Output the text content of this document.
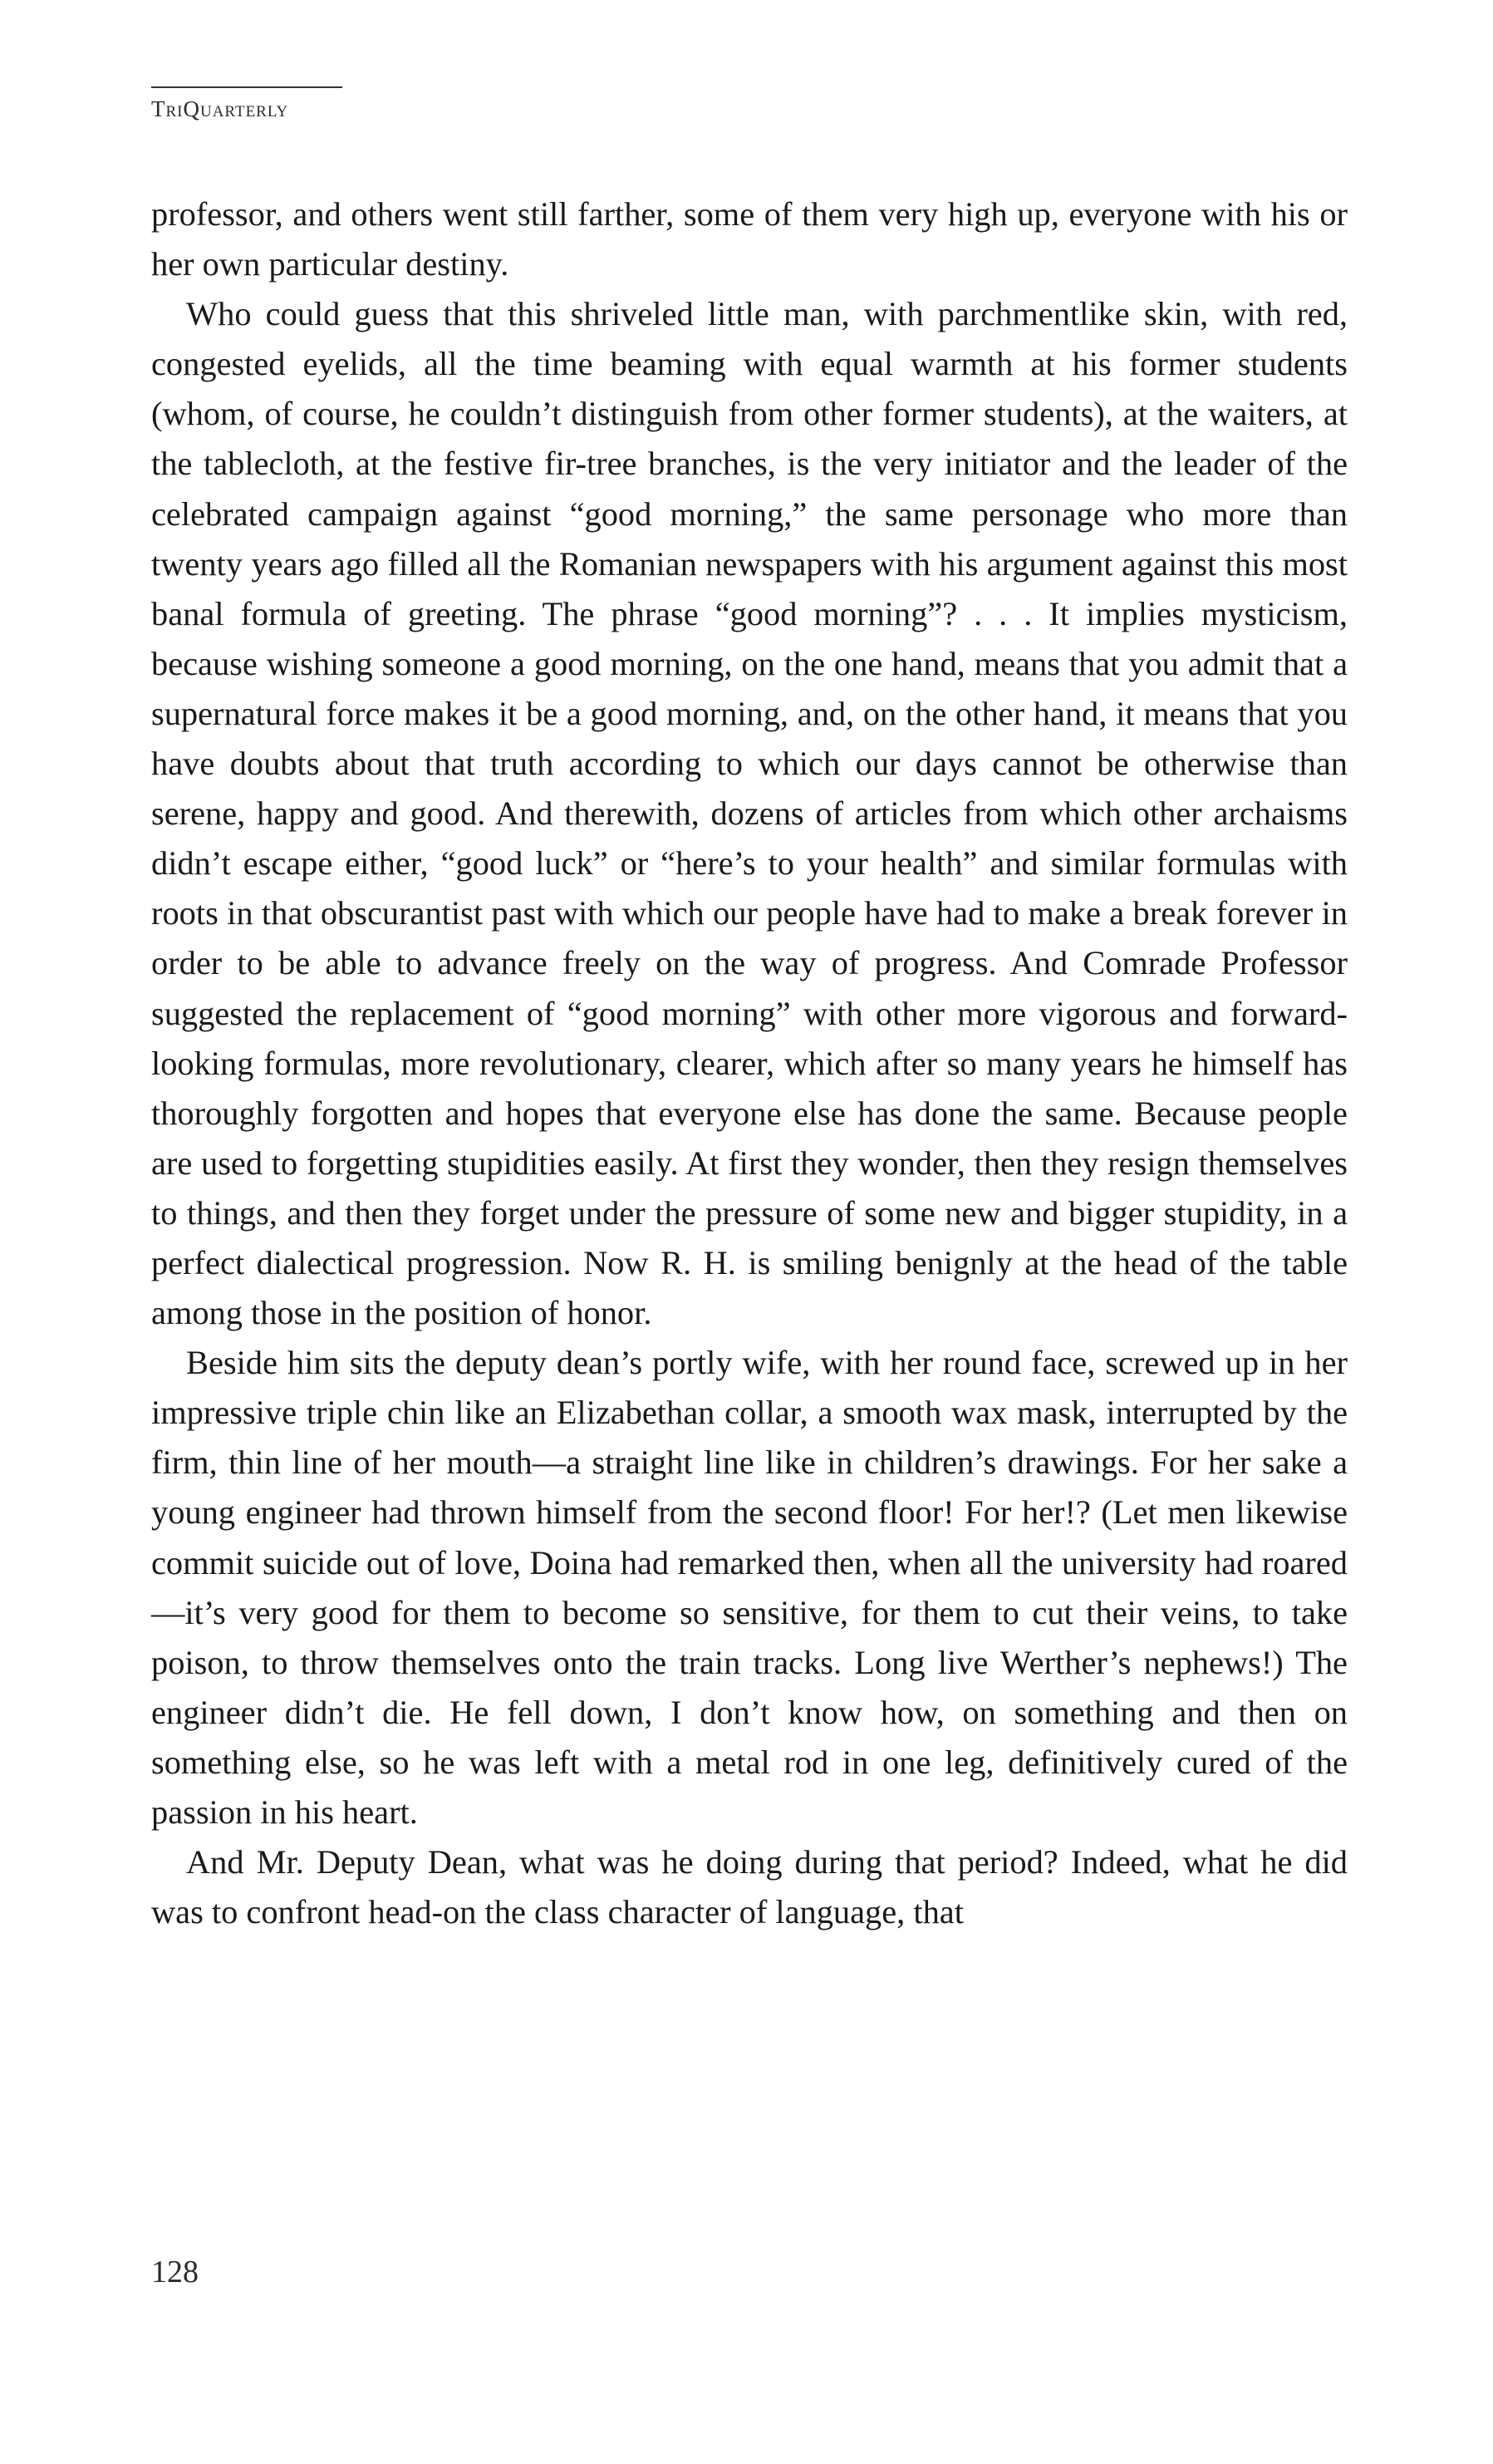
TriQuarterly

professor, and others went still farther, some of them very high up, everyone with his or her own particular destiny.

Who could guess that this shriveled little man, with parchmentlike skin, with red, congested eyelids, all the time beaming with equal warmth at his former students (whom, of course, he couldn’t distinguish from other former students), at the waiters, at the tablecloth, at the festive fir-tree branches, is the very initiator and the leader of the celebrated campaign against “good morning,” the same personage who more than twenty years ago filled all the Romanian newspapers with his argument against this most banal formula of greeting. The phrase “good morning”? . . . It implies mysticism, because wishing someone a good morning, on the one hand, means that you admit that a supernatural force makes it be a good morning, and, on the other hand, it means that you have doubts about that truth according to which our days cannot be otherwise than serene, happy and good. And therewith, dozens of articles from which other archaisms didn’t escape either, “good luck” or “here’s to your health” and similar formulas with roots in that obscurantist past with which our people have had to make a break forever in order to be able to advance freely on the way of progress. And Comrade Professor suggested the replacement of “good morning” with other more vigorous and forward-looking formulas, more revolutionary, clearer, which after so many years he himself has thoroughly forgotten and hopes that everyone else has done the same. Because people are used to forgetting stupidities easily. At first they wonder, then they resign themselves to things, and then they forget under the pressure of some new and bigger stupidity, in a perfect dialectical progression. Now R. H. is smiling benignly at the head of the table among those in the position of honor.

Beside him sits the deputy dean’s portly wife, with her round face, screwed up in her impressive triple chin like an Elizabethan collar, a smooth wax mask, interrupted by the firm, thin line of her mouth—a straight line like in children’s drawings. For her sake a young engineer had thrown himself from the second floor! For her!? (Let men likewise commit suicide out of love, Doina had remarked then, when all the university had roared—it’s very good for them to become so sensitive, for them to cut their veins, to take poison, to throw themselves onto the train tracks. Long live Werther’s nephews!) The engineer didn’t die. He fell down, I don’t know how, on something and then on something else, so he was left with a metal rod in one leg, definitively cured of the passion in his heart.

And Mr. Deputy Dean, what was he doing during that period? Indeed, what he did was to confront head-on the class character of language, that

128
